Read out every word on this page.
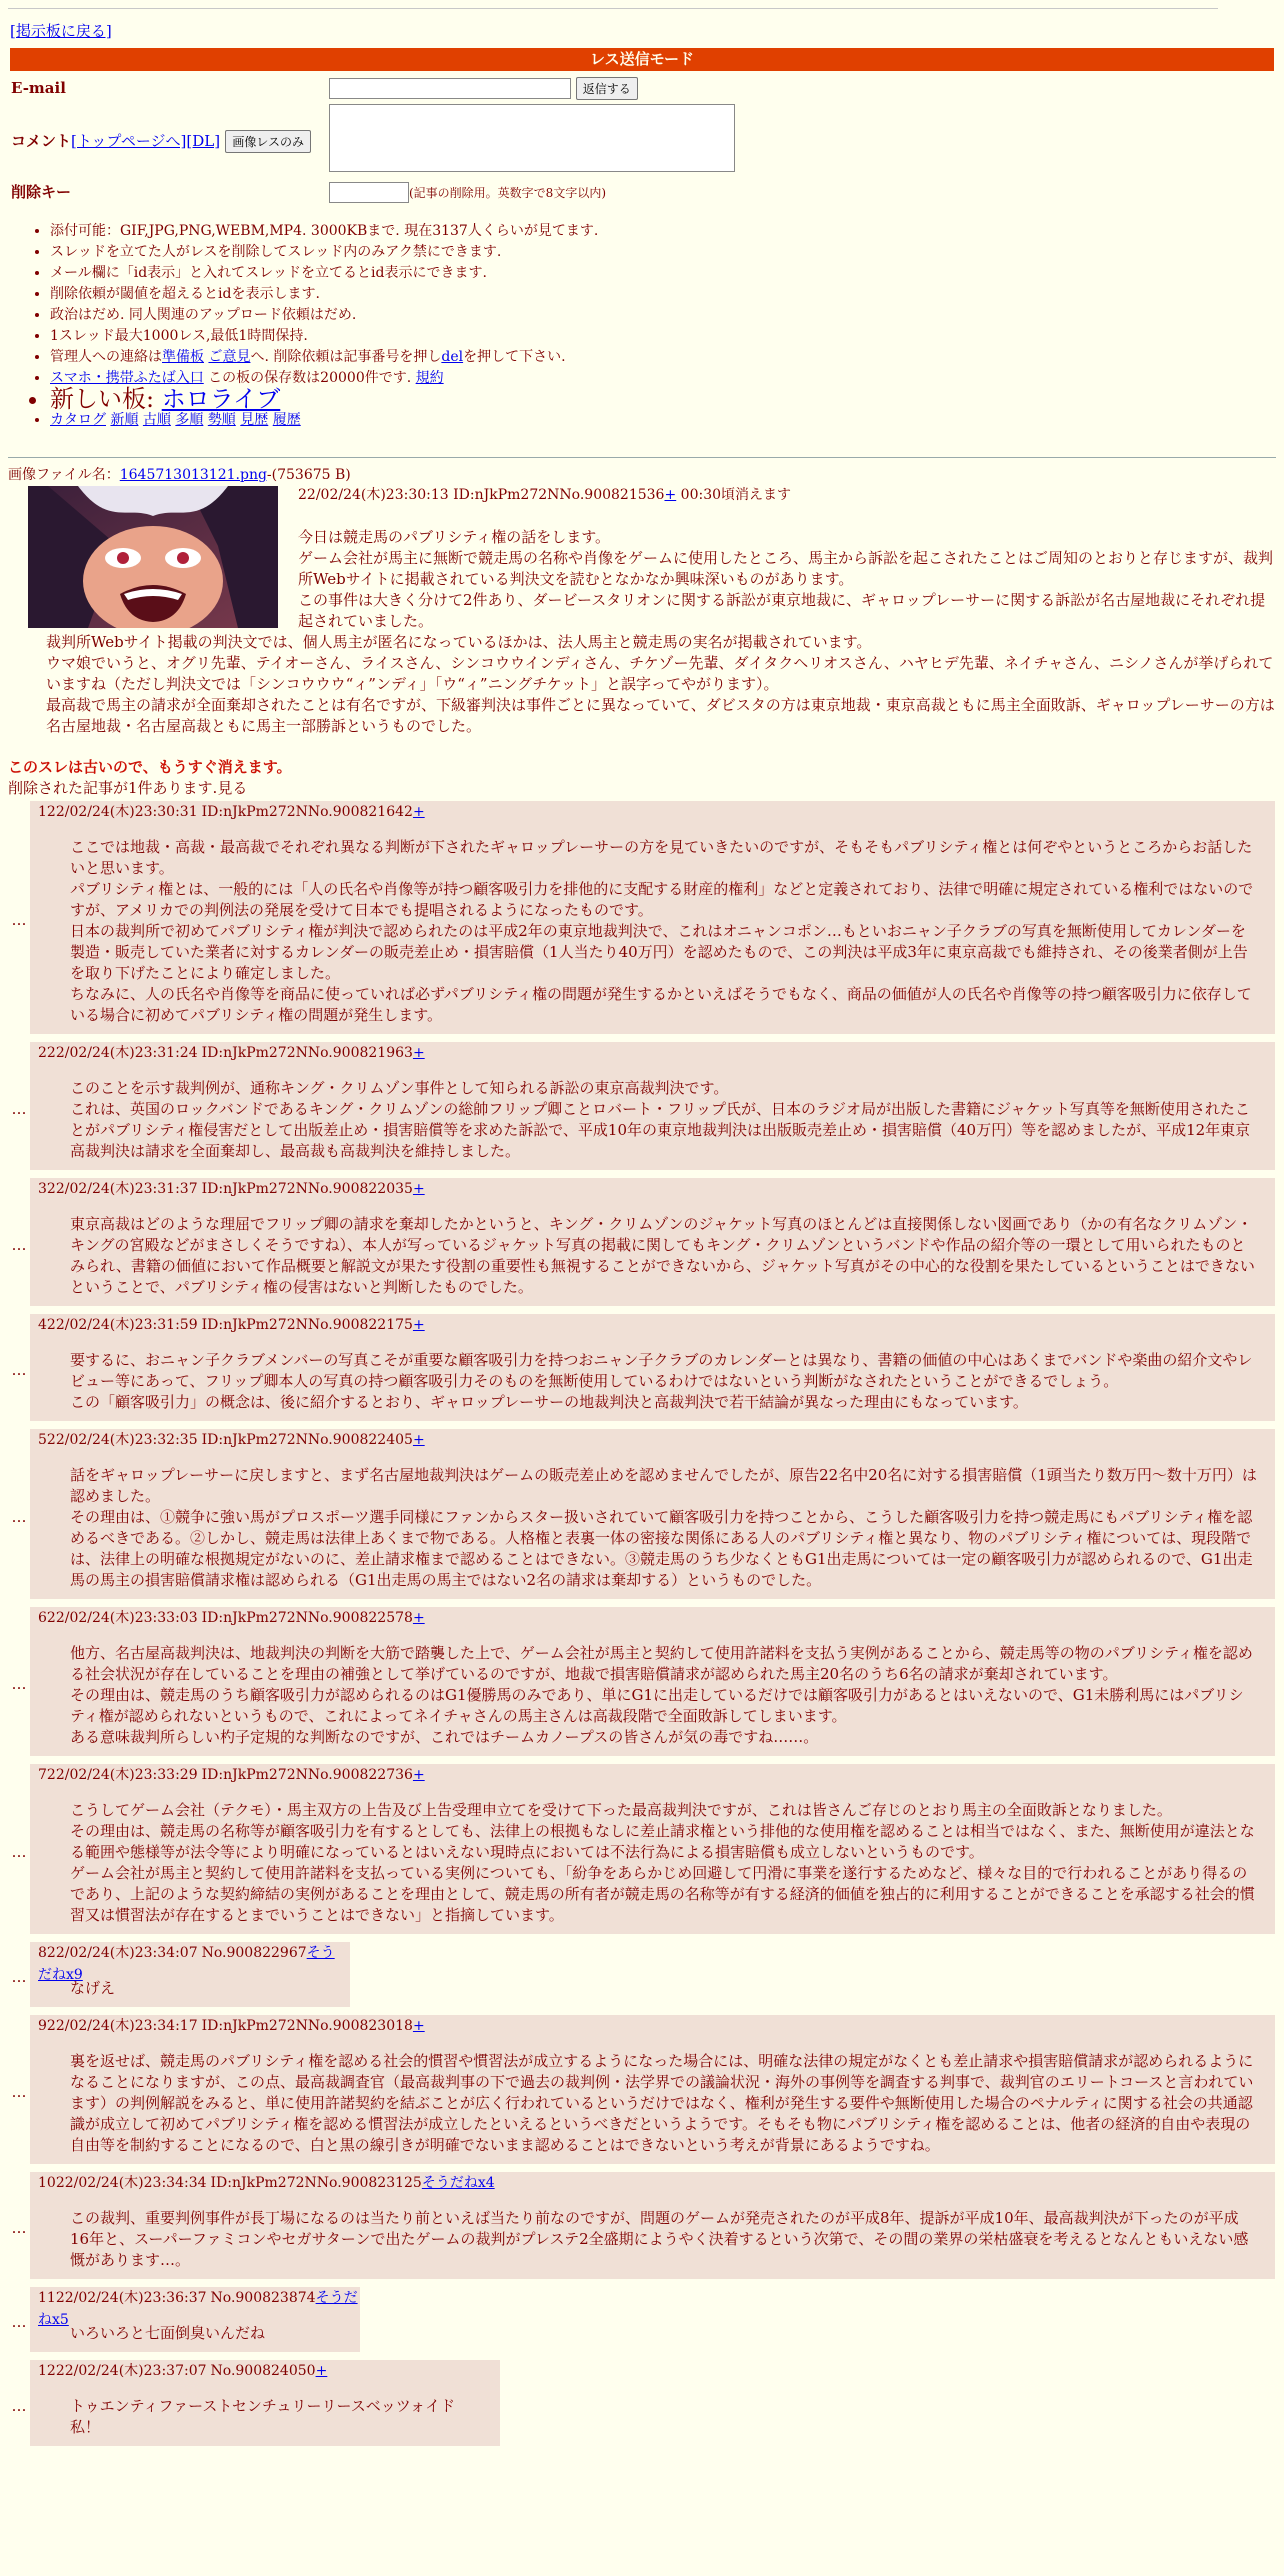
[掲示板に戻る]
レス送信モード
E-mail	返信する
コメント[トップページへ][DL] 画像レスのみ	
削除キー	(記事の削除用。英数字で8文字以内)
• 添付可能：GIF,JPG,PNG,WEBM,MP4. 3000KBまで. 現在3137人くらいが見てます.
• スレッドを立てた人がレスを削除してスレッド内のみアク禁にできます.
• メール欄に「id表示」と入れてスレッドを立てるとid表示にできます.
• 削除依頼が閾値を超えるとidを表示します.
• 政治はだめ. 同人関連のアップロード依頼はだめ.
• 1スレッド最大1000レス,最低1時間保持.
• 管理人への連絡は準備板 ご意見へ. 削除依頼は記事番号を押しdelを押して下さい.
• スマホ・携帯ふたば入口 この板の保存数は20000件です. 規約
• 新しい板: ホロライブ
• カタログ 新順 古順 多順 勢順 見歴 履歴
画像ファイル名：1645713013121.png-(753675 B)
22/02/24(木)23:30:13 ID:nJkPm272NNo.900821536+ 00:30頃消えます
今日は競走馬のパブリシティ権の話をします。
ゲーム会社が馬主に無断で競走馬の名称や肖像をゲームに使用したところ、馬主から訴訟を起こされたことはご周知のとおりと存じますが、裁判所Webサイトに掲載されている判決文を読むとなかなか興味深いものがあります。
この事件は大きく分けて2件あり、ダービースタリオンに関する訴訟が東京地裁に、ギャロップレーサーに関する訴訟が名古屋地裁にそれぞれ提起されていました。
裁判所Webサイト掲載の判決文では、個人馬主が匿名になっているほかは、法人馬主と競走馬の実名が掲載されています。
ウマ娘でいうと、オグリ先輩、テイオーさん、ライスさん、シンコウウインディさん、チケゾー先輩、ダイタクヘリオスさん、ハヤヒデ先輩、ネイチャさん、ニシノさんが挙げられていますね（ただし判決文では「シンコウウウ“ィ”ンディ」「ウ“ィ”ニングチケット」と誤字ってやがります）。
最高裁で馬主の請求が全面棄却されたことは有名ですが、下級審判決は事件ごとに異なっていて、ダビスタの方は東京地裁・東京高裁ともに馬主全面敗訴、ギャロップレーサーの方は名古屋地裁・名古屋高裁ともに馬主一部勝訴というものでした。
このスレは古いので、もうすぐ消えます。
削除された記事が1件あります.見る
…
122/02/24(木)23:30:31 ID:nJkPm272NNo.900821642+

ここでは地裁・高裁・最高裁でそれぞれ異なる判断が下されたギャロップレーサーの方を見ていきたいのですが、そもそもパブリシティ権とは何ぞやというところからお話したいと思います。

パブリシティ権とは、一般的には「人の氏名や肖像等が持つ顧客吸引力を排他的に支配する財産的権利」などと定義されており、法律で明確に規定されている権利ではないのですが、アメリカでの判例法の発展を受けて日本でも提唱されるようになったものです。

日本の裁判所で初めてパブリシティ権が判決で認められたのは平成2年の東京地裁判決で、これはオニャンコポン…もといおニャン子クラブの写真を無断使用してカレンダーを製造・販売していた業者に対するカレンダーの販売差止め・損害賠償（1人当たり40万円）を認めたもので、この判決は平成3年に東京高裁でも維持され、その後業者側が上告を取り下げたことにより確定しました。

ちなみに、人の氏名や肖像等を商品に使っていれば必ずパブリシティ権の問題が発生するかといえばそうでもなく、商品の価値が人の氏名や肖像等の持つ顧客吸引力に依存している場合に初めてパブリシティ権の問題が発生します。

…
222/02/24(木)23:31:24 ID:nJkPm272NNo.900821963+

このことを示す裁判例が、通称キング・クリムゾン事件として知られる訴訟の東京高裁判決です。

これは、英国のロックバンドであるキング・クリムゾンの総帥フリップ卿ことロバート・フリップ氏が、日本のラジオ局が出版した書籍にジャケット写真等を無断使用されたことがパブリシティ権侵害だとして出版差止め・損害賠償等を求めた訴訟で、平成10年の東京地裁判決は出版販売差止め・損害賠償（40万円）等を認めましたが、平成12年東京高裁判決は請求を全面棄却し、最高裁も高裁判決を維持しました。

…
322/02/24(木)23:31:37 ID:nJkPm272NNo.900822035+

東京高裁はどのような理屈でフリップ卿の請求を棄却したかというと、キング・クリムゾンのジャケット写真のほとんどは直接関係しない図画であり（かの有名なクリムゾン・キングの宮殿などがまさしくそうですね）、本人が写っているジャケット写真の掲載に関してもキング・クリムゾンというバンドや作品の紹介等の一環として用いられたものとみられ、書籍の価値において作品概要と解説文が果たす役割の重要性も無視することができないから、ジャケット写真がその中心的な役割を果たしているということはできないということで、パブリシティ権の侵害はないと判断したものでした。

…
422/02/24(木)23:31:59 ID:nJkPm272NNo.900822175+

要するに、おニャン子クラブメンバーの写真こそが重要な顧客吸引力を持つおニャン子クラブのカレンダーとは異なり、書籍の価値の中心はあくまでバンドや楽曲の紹介文やレビュー等にあって、フリップ卿本人の写真の持つ顧客吸引力そのものを無断使用しているわけではないという判断がなされたということができるでしょう。

この「顧客吸引力」の概念は、後に紹介するとおり、ギャロップレーサーの地裁判決と高裁判決で若干結論が異なった理由にもなっています。

…
522/02/24(木)23:32:35 ID:nJkPm272NNo.900822405+

話をギャロップレーサーに戻しますと、まず名古屋地裁判決はゲームの販売差止めを認めませんでしたが、原告22名中20名に対する損害賠償（1頭当たり数万円～数十万円）は認めました。

その理由は、①競争に強い馬がプロスポーツ選手同様にファンからスター扱いされていて顧客吸引力を持つことから、こうした顧客吸引力を持つ競走馬にもパブリシティ権を認めるべきである。②しかし、競走馬は法律上あくまで物である。人格権と表裏一体の密接な関係にある人のパブリシティ権と異なり、物のパブリシティ権については、現段階では、法律上の明確な根拠規定がないのに、差止請求権まで認めることはできない。③競走馬のうち少なくともG1出走馬については一定の顧客吸引力が認められるので、G1出走馬の馬主の損害賠償請求権は認められる（G1出走馬の馬主ではない2名の請求は棄却する）というものでした。

…
622/02/24(木)23:33:03 ID:nJkPm272NNo.900822578+

他方、名古屋高裁判決は、地裁判決の判断を大筋で踏襲した上で、ゲーム会社が馬主と契約して使用許諾料を支払う実例があることから、競走馬等の物のパブリシティ権を認める社会状況が存在していることを理由の補強として挙げているのですが、地裁で損害賠償請求が認められた馬主20名のうち6名の請求が棄却されています。

その理由は、競走馬のうち顧客吸引力が認められるのはG1優勝馬のみであり、単にG1に出走しているだけでは顧客吸引力があるとはいえないので、G1未勝利馬にはパブリシティ権が認められないというもので、これによってネイチャさんの馬主さんは高裁段階で全面敗訴してしまいます。

ある意味裁判所らしい杓子定規的な判断なのですが、これではチームカノープスの皆さんが気の毒ですね……。

…
722/02/24(木)23:33:29 ID:nJkPm272NNo.900822736+

こうしてゲーム会社（テクモ）・馬主双方の上告及び上告受理申立てを受けて下った最高裁判決ですが、これは皆さんご存じのとおり馬主の全面敗訴となりました。

その理由は、競走馬の名称等が顧客吸引力を有するとしても、法律上の根拠もなしに差止請求権という排他的な使用権を認めることは相当ではなく、また、無断使用が違法となる範囲や態様等が法令等により明確になっているとはいえない現時点においては不法行為による損害賠償も成立しないというものです。

ゲーム会社が馬主と契約して使用許諾料を支払っている実例についても、「紛争をあらかじめ回避して円滑に事業を遂行するためなど、様々な目的で行われることがあり得るのであり、上記のような契約締結の実例があることを理由として、競走馬の所有者が競走馬の名称等が有する経済的価値を独占的に利用することができることを承認する社会的慣習又は慣習法が存在するとまでいうことはできない」と指摘しています。

…
822/02/24(木)23:34:07 No.900822967そうだねx9

なげえ

…
922/02/24(木)23:34:17 ID:nJkPm272NNo.900823018+

裏を返せば、競走馬のパブリシティ権を認める社会的慣習や慣習法が成立するようになった場合には、明確な法律の規定がなくとも差止請求や損害賠償請求が認められるようになることになりますが、この点、最高裁調査官（最高裁判事の下で過去の裁判例・法学界での議論状況・海外の事例等を調査する判事で、裁判官のエリートコースと言われています）の判例解説をみると、単に使用許諾契約を結ぶことが広く行われているというだけではなく、権利が発生する要件や無断使用した場合のペナルティに関する社会の共通認識が成立して初めてパブリシティ権を認める慣習法が成立したといえるというべきだというようです。そもそも物にパブリシティ権を認めることは、他者の経済的自由や表現の自由等を制約することになるので、白と黒の線引きが明確でないまま認めることはできないという考えが背景にあるようですね。

…
1022/02/24(木)23:34:34 ID:nJkPm272NNo.900823125そうだねx4

この裁判、重要判例事件が長丁場になるのは当たり前といえば当たり前なのですが、問題のゲームが発売されたのが平成8年、提訴が平成10年、最高裁判決が下ったのが平成16年と、スーパーファミコンやセガサターンで出たゲームの裁判がプレステ2全盛期にようやく決着するという次第で、その間の業界の栄枯盛衰を考えるとなんともいえない感慨があります…。

…
1122/02/24(木)23:36:37 No.900823874そうだねx5

いろいろと七面倒臭いんだね

…
1222/02/24(木)23:37:07 No.900824050+

トゥエンティファーストセンチュリーリースベッツォイド私！
